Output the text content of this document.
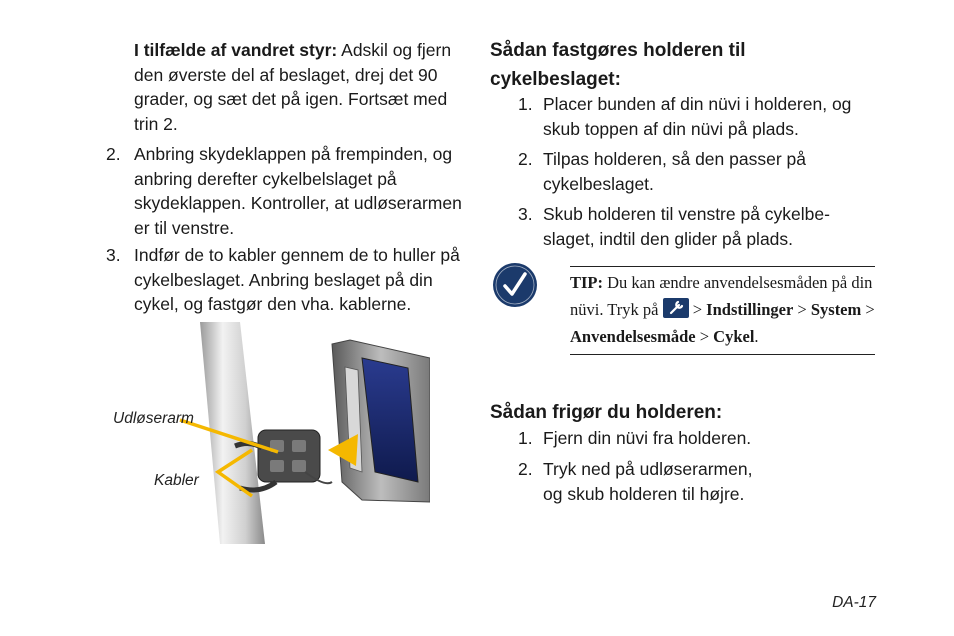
I tilfælde af vandret styr: Adskil og fjern den øverste del af beslaget, drej det 90 grader, og sæt det på igen. Fortsæt med trin 2.

2. Anbring skydeklappen på frempinden, og anbring derefter cykelbelslaget på skydeklappen. Kontroller, at udløserarmen er til venstre.
3. Indfør de to kabler gennem de to huller på cykelbeslaget. Anbring beslaget på din cykel, og fastgør den vha. kablerne.
Udløserarm
Kabler
Sådan fastgøres holderen til cykelbeslaget:
1. Placer bunden af din nüvi i holderen, og skub toppen af din nüvi på plads.
2. Tilpas holderen, så den passer på cykelbeslaget.
3. Skub holderen til venstre på cykelbe-slaget, indtil den glider på plads.
TIP: Du kan ændre anvendelsesmåden på din nüvi. Tryk på  > Indstillinger > System > Anvendelsesmåde > Cykel.
Sådan frigør du holderen:
1. Fjern din nüvi fra holderen.
2. Tryk ned på udløserarmen, og skub holderen til højre.
DA-17
